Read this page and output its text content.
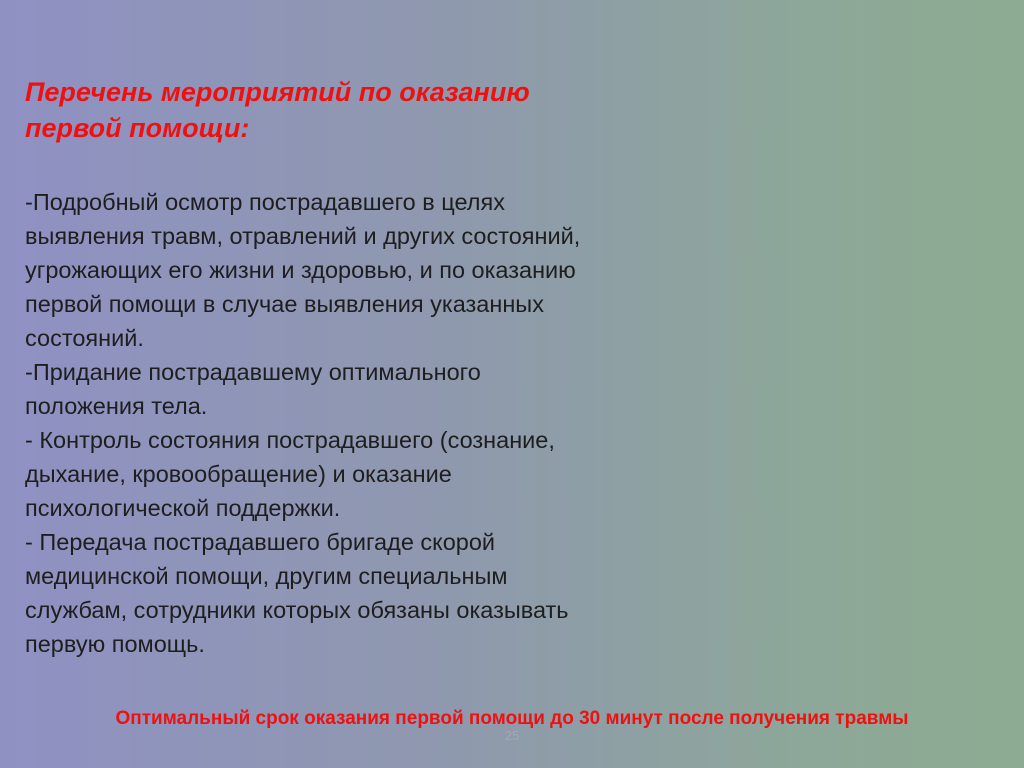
Перечень мероприятий по оказанию
первой помощи:
-Подробный осмотр пострадавшего в целях
выявления травм, отравлений и других состояний,
угрожающих его жизни и здоровью, и по оказанию
первой помощи в случае выявления указанных
состояний.
-Придание пострадавшему оптимального
положения тела.
- Контроль состояния пострадавшего (сознание,
дыхание, кровообращение) и оказание
психологической поддержки.
- Передача пострадавшего бригаде скорой
медицинской помощи, другим специальным
службам, сотрудники которых обязаны оказывать
первую помощь.
Оптимальный срок оказания первой помощи до 30 минут после получения травмы
25
